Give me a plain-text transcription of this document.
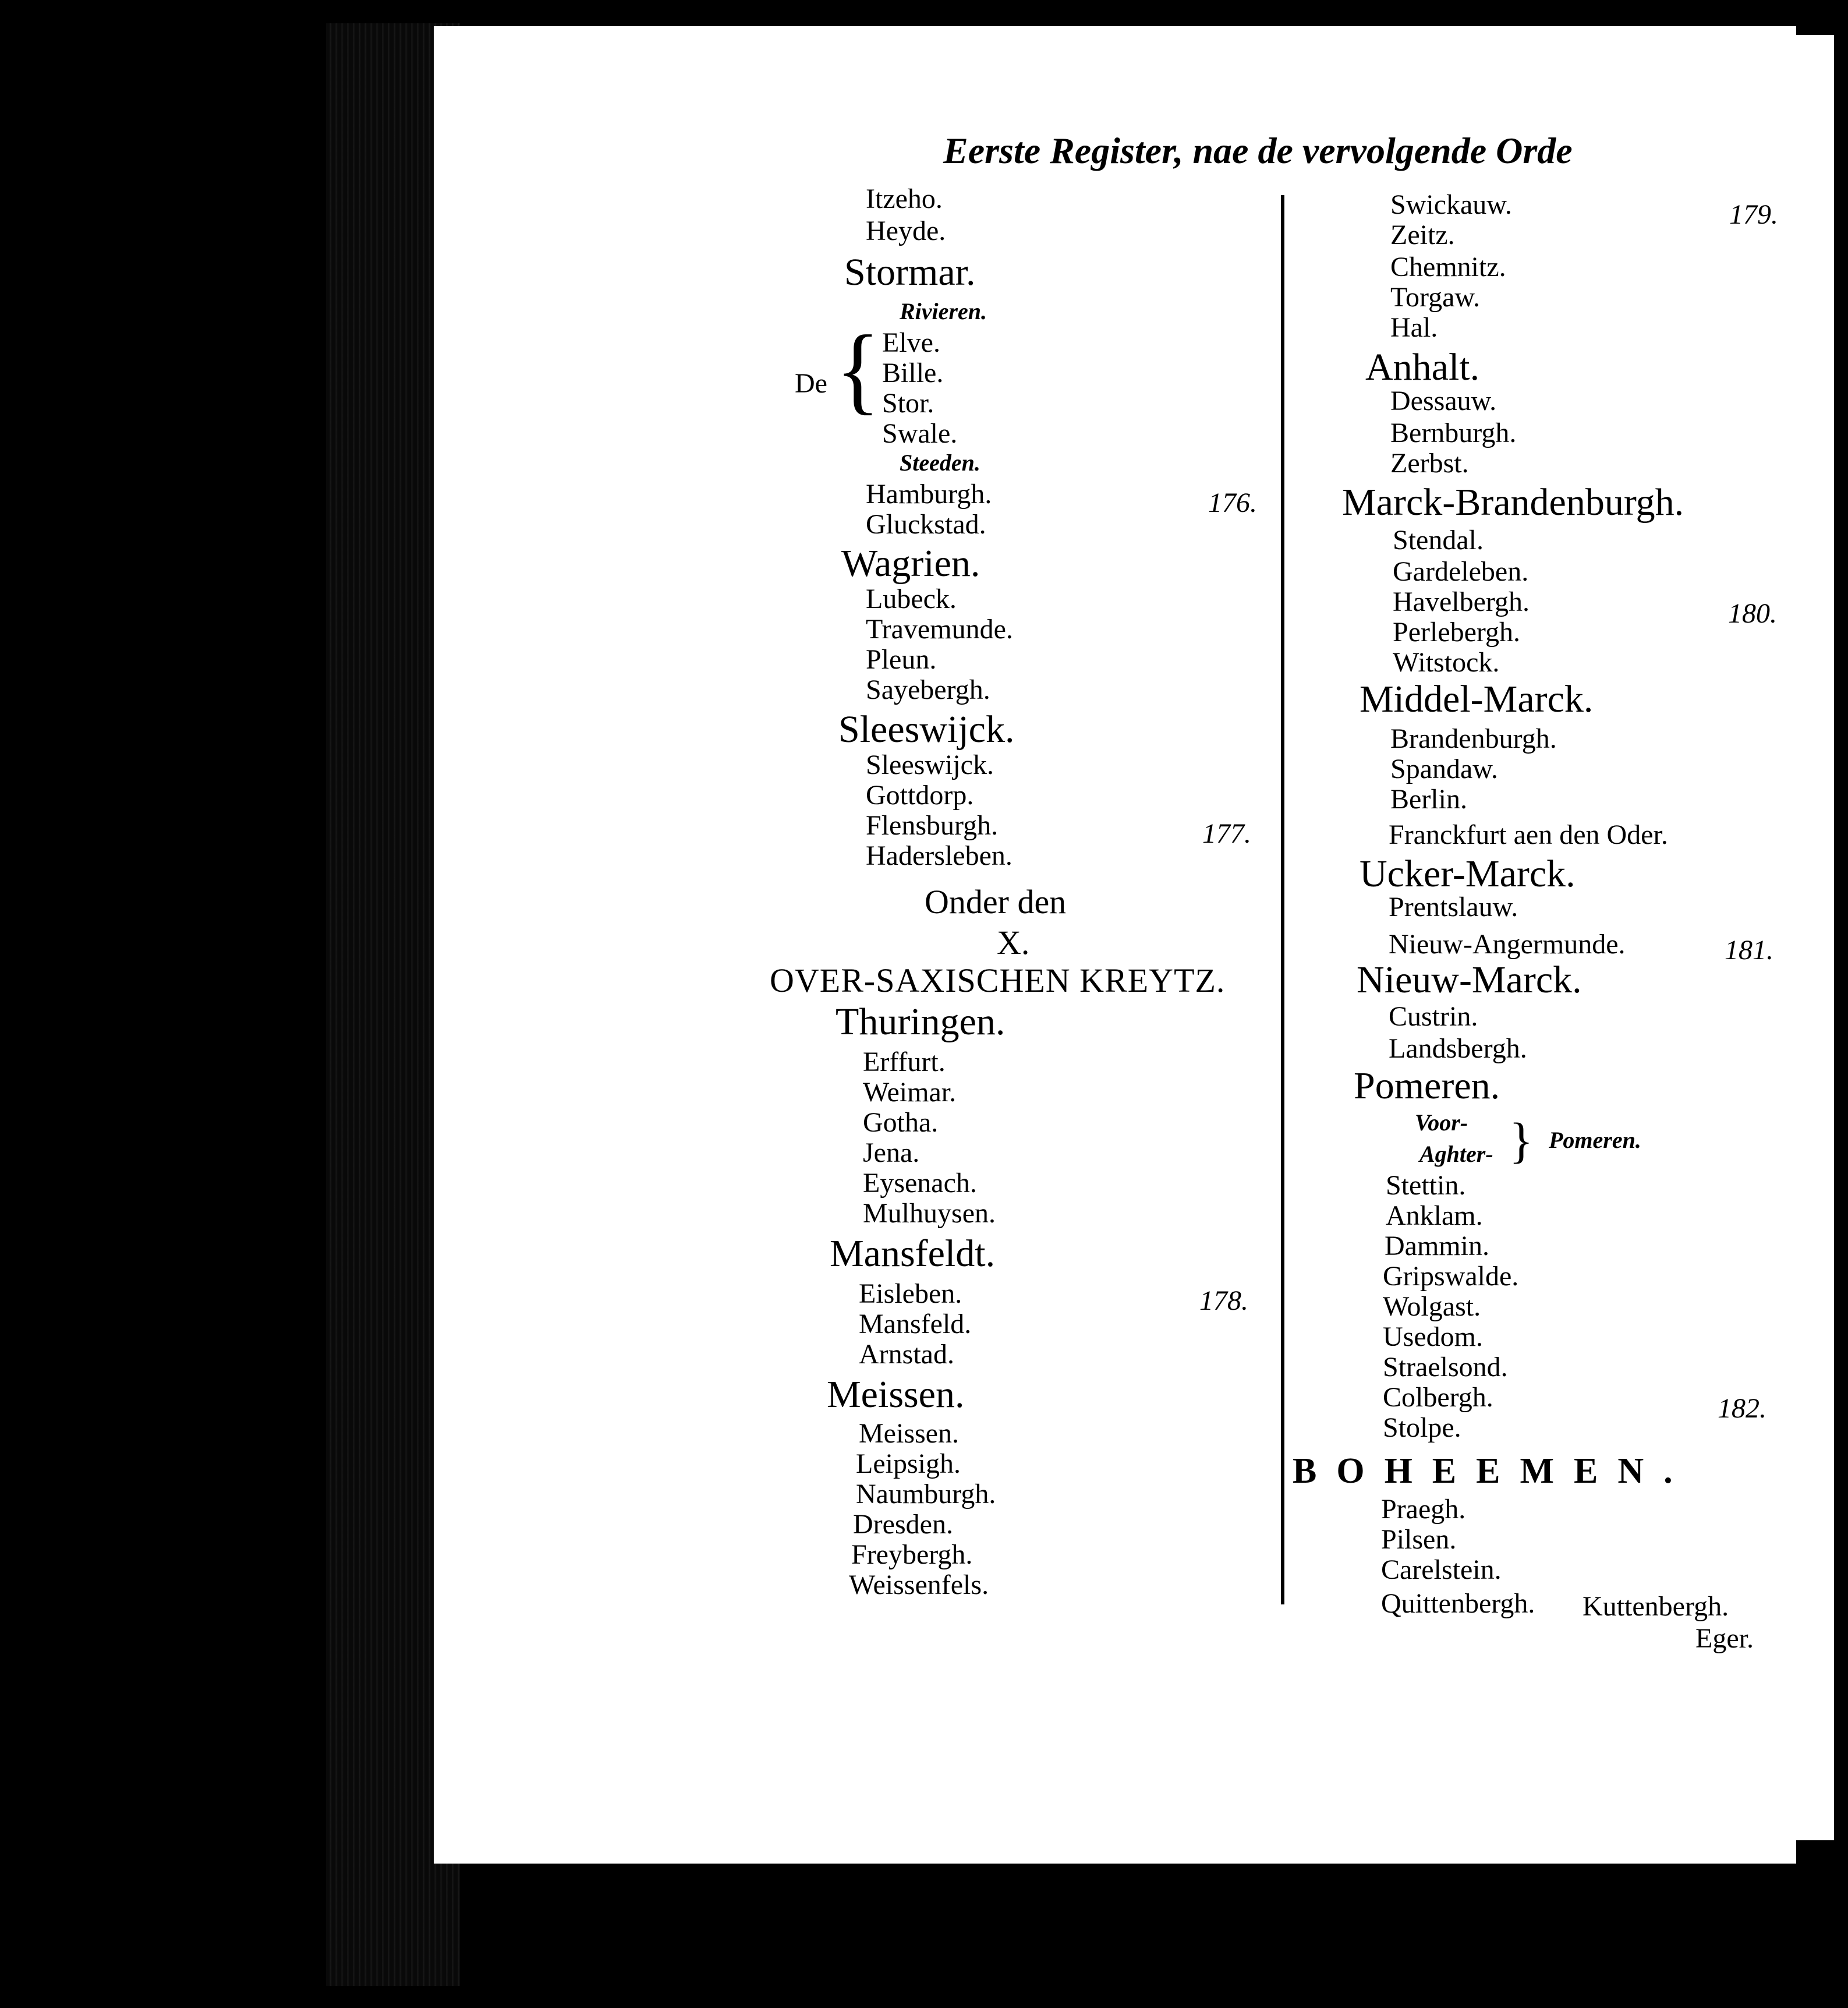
Eerste Register, nae de vervolgende Orde
Itzeho.
Heyde.
Stormar.
Rivieren.
De { Elve.
Bille.
Stor.
Swale.
Steeden.
Hamburgh.	176.
Gluckstad.
Wagrien.
Lubeck.
Travemunde.
Pleun.
Sayebergh.
Sleeswijck.
Sleeswijck.
Gottdorp.
Flensburgh.	177.
Hadersleben.
Onder den
X.
OVER-SAXISCHEN KREYTZ.
Thuringen.
Erffurt.
Weimar.
Gotha.
Jena.
Eysenach.
Mulhuysen.
Mansfeldt.
Eisleben.	178.
Mansfeld.
Arnstad.
Meissen.
Meissen.
Leipsigh.
Naumburgh.
Dresden.
Freybergh.
Weissenfels.
Swickauw.	179.
Zeitz.
Chemnitz.
Torgaw.
Hal.
Anhalt.
Dessauw.
Bernburgh.
Zerbst.
Marck-Brandenburgh.
Stendal.
Gardeleben.
Havelbergh.	180.
Perlebergh.
Witstock.
Middel-Marck.
Brandenburgh.
Spandaw.
Berlin.
Franckfurt aen den Oder.
Ucker-Marck.
Prentslauw.
Nieuw-Angermunde.	181.
Nieuw-Marck.
Custrin.
Landsbergh.
Pomeren.
Voor-
Aghter- } Pomeren.
Stettin.
Anklam.
Dammin.
Gripswalde.
Wolgast.
Usedom.
Straelsond.
Colbergh.	182.
Stolpe.
BOHEEMEN.
Praegh.
Pilsen.
Carelstein.
Quittenbergh. Kuttenbergh.
Eger.
